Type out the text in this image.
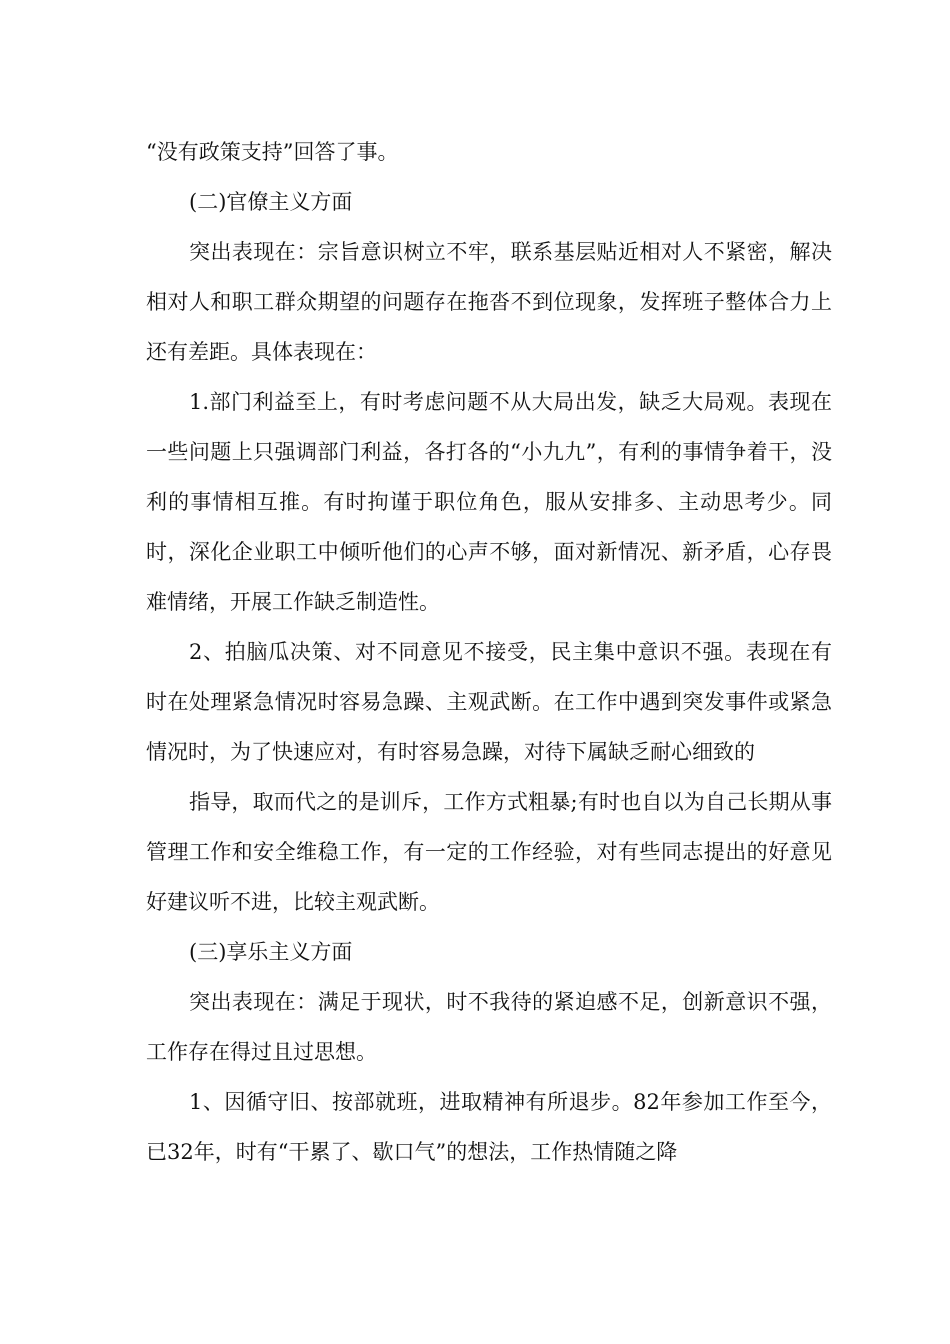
“没有政策支持”回答了事。

(二)官僚主义方面

突出表现在：宗旨意识树立不牢，联系基层贴近相对人不紧密，解决相对人和职工群众期望的问题存在拖沓不到位现象，发挥班子整体合力上还有差距。具体表现在：

1.部门利益至上，有时考虑问题不从大局出发，缺乏大局观。表现在一些问题上只强调部门利益，各打各的“小九九”，有利的事情争着干，没利的事情相互推。有时拘谨于职位角色，服从安排多、主动思考少。同时，深化企业职工中倾听他们的心声不够，面对新情况、新矛盾，心存畏难情绪，开展工作缺乏制造性。

2、拍脑瓜决策、对不同意见不接受，民主集中意识不强。表现在有时在处理紧急情况时容易急躁、主观武断。在工作中遇到突发事件或紧急情况时，为了快速应对，有时容易急躁，对待下属缺乏耐心细致的

指导，取而代之的是训斥，工作方式粗暴;有时也自以为自己长期从事管理工作和安全维稳工作，有一定的工作经验，对有些同志提出的好意见好建议听不进，比较主观武断。

(三)享乐主义方面

突出表现在：满足于现状，时不我待的紧迫感不足，创新意识不强，工作存在得过且过思想。

1、因循守旧、按部就班，进取精神有所退步。82年参加工作至今，已32年，时有“干累了、歇口气”的想法，工作热情随之降
